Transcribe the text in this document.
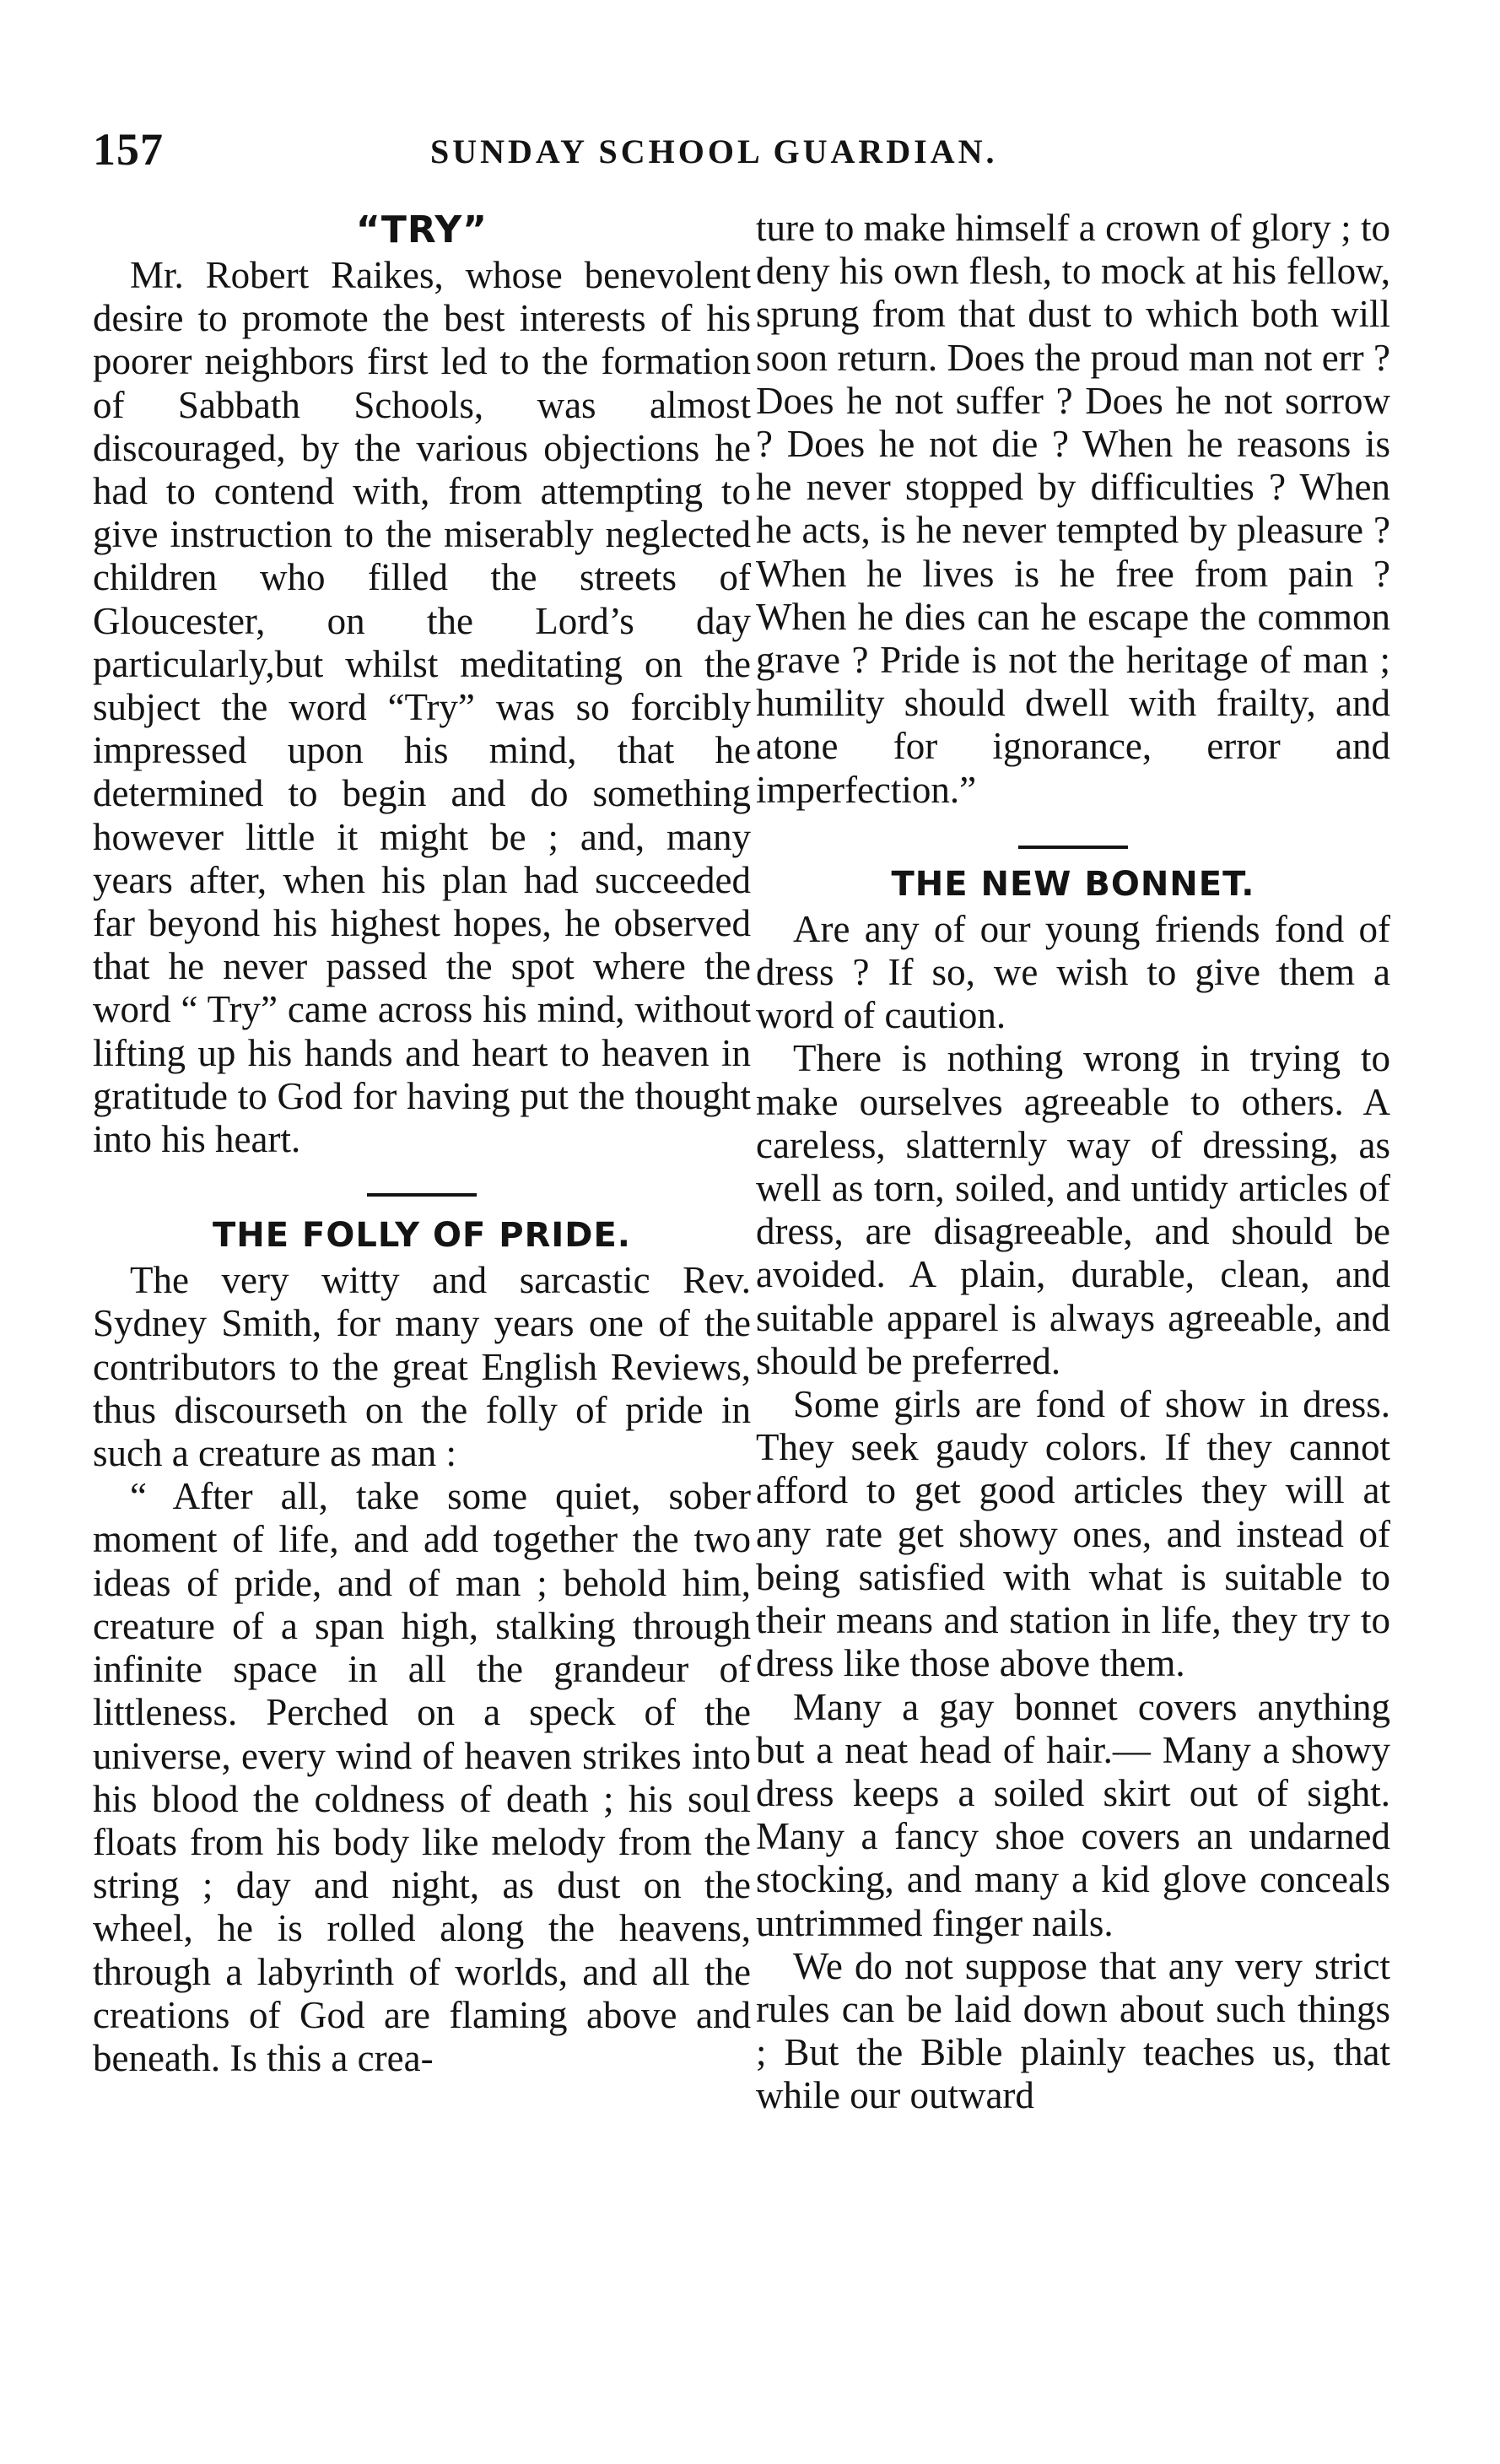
157	SUNDAY SCHOOL GUARDIAN.
“TRY”

Mr. Robert Raikes, whose benevolent desire to promote the best interests of his poorer neighbors first led to the formation of Sabbath Schools, was almost discouraged, by the various objections he had to contend with, from attempting to give instruction to the miserably neglected children who filled the streets of Gloucester, on the Lord’s day particularly,but whilst meditating on the subject the word “Try” was so forcibly impressed upon his mind, that he determined to begin and do something however little it might be ; and, many years after, when his plan had succeeded far beyond his highest hopes, he observed that he never passed the spot where the word “ Try” came across his mind, without lifting up his hands and heart to heaven in gratitude to God for having put the thought into his heart.

THE FOLLY OF PRIDE.

The very witty and sarcastic Rev. Sydney Smith, for many years one of the contributors to the great English Reviews, thus discourseth on the folly of pride in such a creature as man :

“ After all, take some quiet, sober moment of life, and add together the two ideas of pride, and of man ; behold him, creature of a span high, stalking through infinite space in all the grandeur of littleness. Perched on a speck of the universe, every wind of heaven strikes into his blood the coldness of death ; his soul floats from his body like melody from the string ; day and night, as dust on the wheel, he is rolled along the heavens, through a labyrinth of worlds, and all the creations of God are flaming above and beneath. Is this a crea-

ture to make himself a crown of glory ; to deny his own flesh, to mock at his fellow, sprung from that dust to which both will soon return. Does the proud man not err ? Does he not suffer ? Does he not sorrow ? Does he not die ? When he reasons is he never stopped by difficulties ? When he acts, is he never tempted by pleasure ? When he lives is he free from pain ? When he dies can he escape the common grave ? Pride is not the heritage of man ; humility should dwell with frailty, and atone for ignorance, error and imperfection.”

THE NEW BONNET.

Are any of our young friends fond of dress ? If so, we wish to give them a word of caution.

There is nothing wrong in trying to make ourselves agreeable to others. A careless, slatternly way of dressing, as well as torn, soiled, and untidy articles of dress, are disagreeable, and should be avoided. A plain, durable, clean, and suitable apparel is always agreeable, and should be preferred.

Some girls are fond of show in dress. They seek gaudy colors. If they cannot afford to get good articles they will at any rate get showy ones, and instead of being satisfied with what is suitable to their means and station in life, they try to dress like those above them.

Many a gay bonnet covers anything but a neat head of hair.— Many a showy dress keeps a soiled skirt out of sight. Many a fancy shoe covers an undarned stocking, and many a kid glove conceals untrimmed finger nails.

We do not suppose that any very strict rules can be laid down about such things ; But the Bible plainly teaches us, that while our outward
